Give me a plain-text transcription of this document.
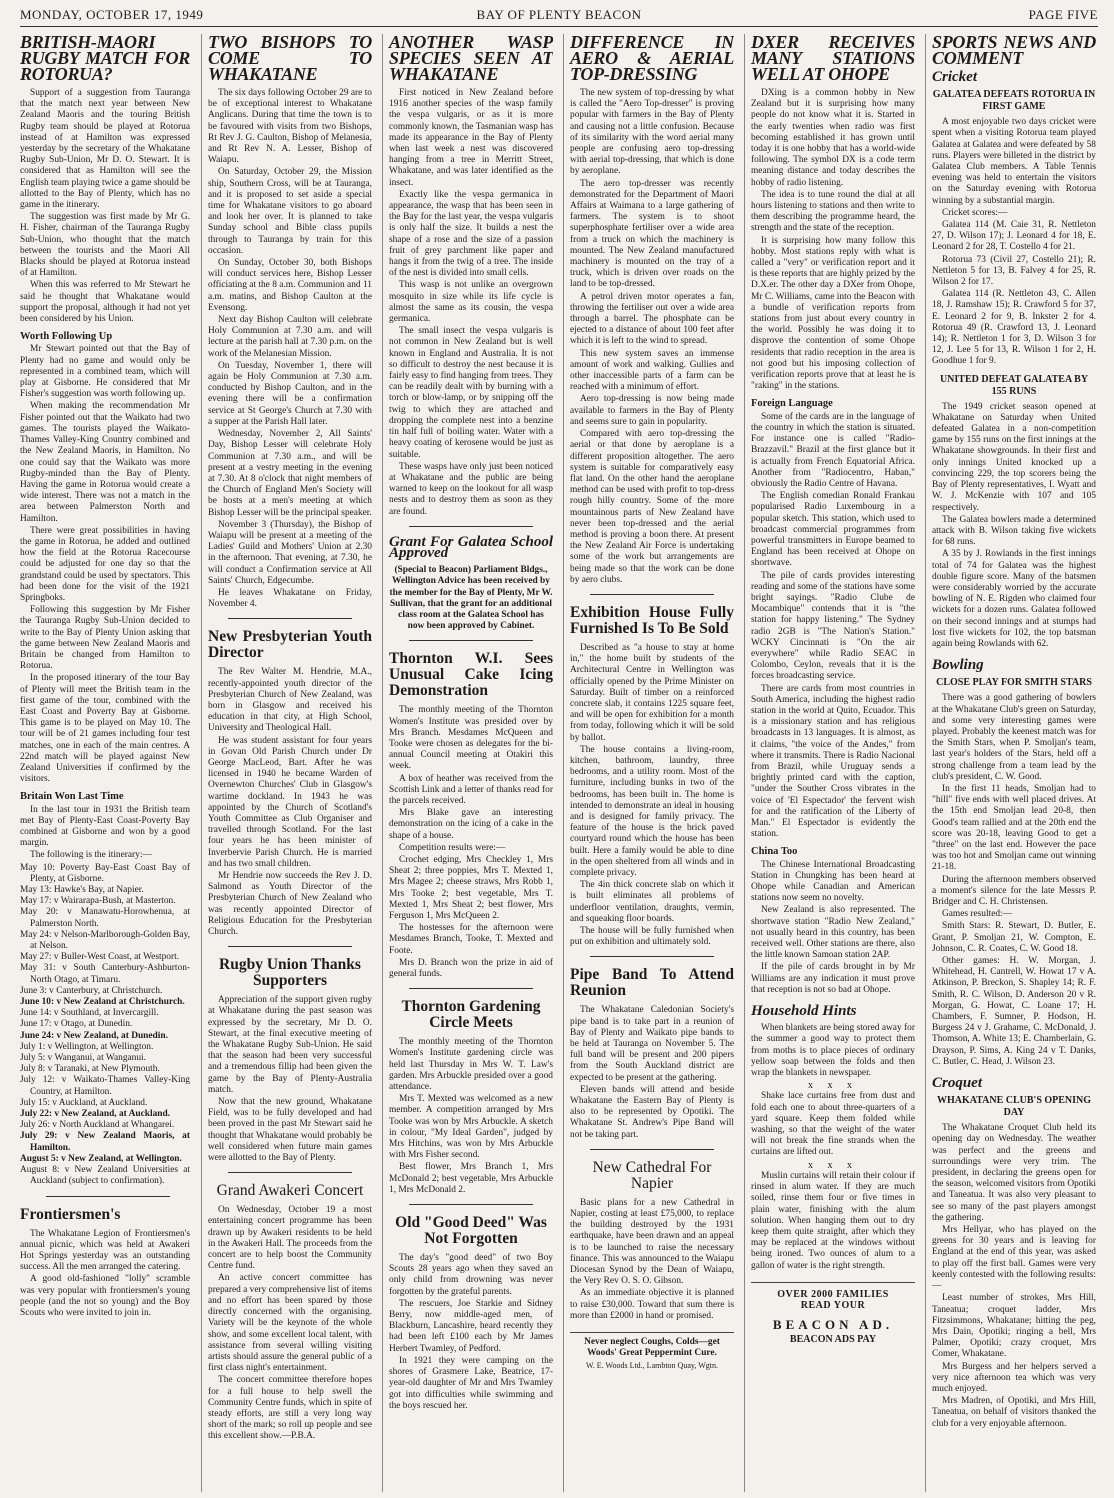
MONDAY, OCTOBER 17, 1949	BAY OF PLENTY BEACON	PAGE FIVE
BRITISH-MAORI RUGBY MATCH FOR ROTORUA?

Support of a suggestion from Tauranga that the match next year between New Zealand Maoris and the touring British Rugby team should be played at Rotorua instead of at Hamilton was expressed yesterday by the secretary of the Whakatane Rugby Sub-Union, Mr D. O. Stewart. It is considered that as Hamilton will see the English team playing twice a game should be allotted to the Bay of Plenty, which has no game in the itinerary.

The suggestion was first made by Mr G. H. Fisher, chairman of the Tauranga Rugby Sub-Union, who thought that the match between the tourists and the Maori All Blacks should be played at Rotorua instead of at Hamilton.

When this was referred to Mr Stewart he said he thought that Whakatane would support the proposal, although it had not yet been considered by his Union.

Worth Following Up

Mr Stewart pointed out that the Bay of Plenty had no game and would only be represented in a combined team, which will play at Gisborne. He considered that Mr Fisher's suggestion was worth following up.

When making the recommendation Mr Fisher pointed out that the Waikato had two games. The tourists played the Waikato-Thames Valley-King Country combined and the New Zealand Maoris, in Hamilton. No one could say that the Waikato was more Rugby-minded than the Bay of Plenty. Having the game in Rotorua would create a wide interest. There was not a match in the area between Palmerston North and Hamilton.

There were great possibilities in having the game in Rotorua, he added and outlined how the field at the Rotorua Racecourse could be adjusted for one day so that the grandstand could be used by spectators. This had been done for the visit of the 1921 Springboks.

Following this suggestion by Mr Fisher the Tauranga Rugby Sub-Union decided to write to the Bay of Plenty Union asking that the game between New Zealand Maoris and Britain be changed from Hamilton to Rotorua.

In the proposed itinerary of the tour Bay of Plenty will meet the British team in the first game of the tour, combined with the East Coast and Poverty Bay at Gisborne. This game is to be played on May 10. The tour will be of 21 games including four test matches, one in each of the main centres. A 22nd match will be played against New Zealand Universities if confirmed by the visitors.

Britain Won Last Time

In the last tour in 1931 the British team met Bay of Plenty-East Coast-Poverty Bay combined at Gisborne and won by a good margin.

The following is the itinerary:—

May 10: Poverty Bay-East Coast Bay of Plenty, at Gisborne.
May 13: Hawke's Bay, at Napier.
May 17: v Wairarapa-Bush, at Masterton.
May 20: v Manawatu-Horowhenua, at Palmerston North.
May 24: v Nelson-Marlborough-Golden Bay, at Nelson.
May 27: v Buller-West Coast, at Westport.
May 31: v South Canterbury-Ashburton-North Otago, at Timaru.
June 3: v Canterbury, at Christchurch.
June 10: v New Zealand at Christchurch.
June 14: v Southland, at Invercargill.
June 17: v Otago, at Dunedin.
June 24: v New Zealand, at Dunedin.
July 1: v Wellington, at Wellington.
July 5: v Wanganui, at Wanganui.
July 8: v Taranaki, at New Plymouth.
July 12: v Waikato-Thames Valley-King Country, at Hamilton.
July 15: v Auckland, at Auckland.
July 22: v New Zealand, at Auckland.
July 26: v North Auckland at Whangarei.
July 29: v New Zealand Maoris, at Hamilton.
August 5: v New Zealand, at Wellington.
August 8: v New Zealand Universities at Auckland (subject to confirmation).
Frontiersmen's

The Whakatane Legion of Frontiersmen's annual picnic, which was held at Awakeri Hot Springs yesterday was an outstanding success. All the men arranged the catering.

A good old-fashioned "lolly" scramble was very popular with frontiersmen's young people (and the not so young) and the Boy Scouts who were invited to join in.

TWO BISHOPS TO COME TO WHAKATANE

The six days following October 29 are to be of exceptional interest to Whakatane Anglicans. During that time the town is to be favoured with visits from two Bishops, Rt Rev J. G. Caulton, Bishop of Melanesia, and Rt Rev N. A. Lesser, Bishop of Waiapu.

On Saturday, October 29, the Mission ship, Southern Cross, will be at Tauranga, and it is proposed to set aside a special time for Whakatane visitors to go aboard and look her over. It is planned to take Sunday school and Bible class pupils through to Tauranga by train for this occasion.

On Sunday, October 30, both Bishops will conduct services here, Bishop Lesser officiating at the 8 a.m. Communion and 11 a.m. matins, and Bishop Caulton at the Evensong.

Next day Bishop Caulton will celebrate Holy Communion at 7.30 a.m. and will lecture at the parish hall at 7.30 p.m. on the work of the Melanesian Mission.

On Tuesday, November 1, there will again be Holy Communion at 7.30 a.m. conducted by Bishop Caulton, and in the evening there will be a confirmation service at St George's Church at 7.30 with a supper at the Parish Hall later.

Wednesday, November 2, All Saints' Day, Bishop Lesser will celebrate Holy Communion at 7.30 a.m., and will be present at a vestry meeting in the evening at 7.30. At 8 o'clock that night members of the Church of England Men's Society will be hosts at a men's meeting at which Bishop Lesser will be the principal speaker.

November 3 (Thursday), the Bishop of Waiapu will be present at a meeting of the Ladies' Guild and Mothers' Union at 2.30 in the afternoon. That evening, at 7.30, he will conduct a Confirmation service at All Saints' Church, Edgecumbe.

He leaves Whakatane on Friday, November 4.

New Presbyterian Youth Director

The Rev Walter M. Hendrie, M.A., recently-appointed youth director of the Presbyterian Church of New Zealand, was born in Glasgow and received his education in that city, at High School, University and Theological Hall.

He was student assistant for four years in Govan Old Parish Church under Dr George MacLeod, Bart. After he was licensed in 1940 he became Warden of Overnewton Churches' Club in Glasgow's wartime dockland. In 1943 he was appointed by the Church of Scotland's Youth Committee as Club Organiser and travelled through Scotland. For the last four years he has been minister of Inverbervie Parish Church. He is married and has two small children.

Mr Hendrie now succeeds the Rev J. D. Salmond as Youth Director of the Presbyterian Church of New Zealand who was recently appointed Director of Religious Education for the Presbyterian Church.

Rugby Union Thanks Supporters

Appreciation of the support given rugby at Whakatane during the past season was expressed by the secretary, Mr D. O. Stewart, at the final executive meeting of the Whakatane Rugby Sub-Union. He said that the season had been very successful and a tremendous fillip had been given the game by the Bay of Plenty-Australia match.

Now that the new ground, Whakatane Field, was to be fully developed and had been proved in the past Mr Stewart said he thought that Whakatane would probably be well considered when future main games were allotted to the Bay of Plenty.

Grand Awakeri Concert

On Wednesday, October 19 a most entertaining concert programme has been drawn up by Awakeri residents to be held in the Awakeri Hall. The proceeds from the concert are to help boost the Community Centre fund.

An active concert committee has prepared a very comprehensive list of items and no effort has been spared by those directly concerned with the organising. Variety will be the keynote of the whole show, and some excellent local talent, with assistance from several willing visiting artists should assure the general public of a first class night's entertainment.

The concert committee therefore hopes for a full house to help swell the Community Centre funds, which in spite of steady efforts, are still a very long way short of the mark; so roll up people and see this excellent show.—P.B.A.

ANOTHER WASP SPECIES SEEN AT WHAKATANE

First noticed in New Zealand before 1916 another species of the wasp family the vespa vulgaris, or as it is more commonly known, the Tasmanian wasp has made its appearance in the Bay of Plenty when last week a nest was discovered hanging from a tree in Merritt Street, Whakatane, and was later identified as the insect.

Exactly like the vespa germanica in appearance, the wasp that has been seen in the Bay for the last year, the vespa vulgaris is only half the size. It builds a nest the shape of a rose and the size of a passion fruit of grey parchment like paper and hangs it from the twig of a tree. The inside of the nest is divided into small cells.

This wasp is not unlike an overgrown mosquito in size while its life cycle is almost the same as its cousin, the vespa germanica.

The small insect the vespa vulgaris is not common in New Zealand but is well known in England and Australia. It is not so difficult to destroy the nest because it is fairly easy to find hanging from trees. They can be readily dealt with by burning with a torch or blow-lamp, or by snipping off the twig to which they are attached and dropping the complete nest into a benzine tin half full of boiling water. Water with a heavy coating of kerosene would be just as suitable.

These wasps have only just been noticed at Whakatane and the public are being warned to keep on the lookout for all wasp nests and to destroy them as soon as they are found.

Grant For Galatea School Approved

(Special to Beacon) Parliament Bldgs., Wellington Advice has been received by the member for the Bay of Plenty, Mr W. Sullivan, that the grant for an additional class room at the Galatea School has now been approved by Cabinet.

Thornton W.I. Sees Unusual Cake Icing Demonstration

The monthly meeting of the Thornton Women's Institute was presided over by Mrs Branch. Mesdames McQueen and Tooke were chosen as delegates for the bi-annual Council meeting at Otakiri this week.

A box of heather was received from the Scottish Link and a letter of thanks read for the parcels received.

Mrs Blake gave an interesting demonstration on the icing of a cake in the shape of a house.

Competition results were:—

Crochet edging, Mrs Checkley 1, Mrs Sheat 2; three poppies, Mrs T. Mexted 1, Mrs Magee 2; cheese straws, Mrs Robb 1, Mrs Tooke 2; best vegetable, Mrs T. Mexted 1, Mrs Sheat 2; best flower, Mrs Ferguson 1, Mrs McQueen 2.

The hostesses for the afternoon were Mesdames Branch, Tooke, T. Mexted and Foote.

Mrs D. Branch won the prize in aid of general funds.

Thornton Gardening Circle Meets

The monthly meeting of the Thornton Women's Institute gardening circle was held last Thursday in Mrs W. T. Law's garden. Mrs Arbuckle presided over a good attendance.

Mrs T. Mexted was welcomed as a new member. A competition arranged by Mrs Tooke was won by Mrs Arbuckle. A sketch in colour, "My Ideal Garden", judged by Mrs Hitchins, was won by Mrs Arbuckle with Mrs Fisher second.

Best flower, Mrs Branch 1, Mrs McDonald 2; best vegetable, Mrs Arbuckle 1, Mrs McDonald 2.

Old "Good Deed" Was Not Forgotten

The day's "good deed" of two Boy Scouts 28 years ago when they saved an only child from drowning was never forgotten by the grateful parents.

The rescuers, Joe Starkie and Sidney Berry, now middle-aged men, of Blackburn, Lancashire, heard recently they had been left £100 each by Mr James Herbert Twamley, of Pedford.

In 1921 they were camping on the shores of Grasmere Lake, Beatrice, 17-year-old daughter of Mr and Mrs Twamley got into difficulties while swimming and the boys rescued her.

DIFFERENCE IN AERO & AERIAL TOP-DRESSING

The new system of top-dressing by what is called the "Aero Top-dresser" is proving popular with farmers in the Bay of Plenty and causing not a little confusion. Because of its similarity with the word aerial many people are confusing aero top-dressing with aerial top-dressing, that which is done by aeroplane.

The aero top-dresser was recently demonstrated for the Department of Maori Affairs at Waimana to a large gathering of farmers. The system is to shoot superphosphate fertiliser over a wide area from a truck on which the machinery is mounted. The New Zealand manufactured machinery is mounted on the tray of a truck, which is driven over roads on the land to be top-dressed.

A petrol driven motor operates a fan, throwing the fertiliser out over a wide area through a barrel. The phosphate can be ejected to a distance of about 100 feet after which it is left to the wind to spread.

This new system saves an immense amount of work and walking. Gullies and other inaccessible parts of a farm can be reached with a minimum of effort.

Aero top-dressing is now being made available to farmers in the Bay of Plenty and seems sure to gain in popularity.

Compared with aero top-dressing the aerial or that done by aeroplane is a different proposition altogether. The aero system is suitable for comparatively easy flat land. On the other hand the aeroplane method can be used with profit to top-dress rough hilly country. Some of the more mountainous parts of New Zealand have never been top-dressed and the aerial method is proving a boon there. At present the New Zealand Air Force is undertaking some of the work but arrangements are being made so that the work can be done by aero clubs.

Exhibition House Fully Furnished Is To Be Sold

Described as "a house to stay at home in," the home built by students of the Architectural Centre in Wellington was officially opened by the Prime Minister on Saturday. Built of timber on a reinforced concrete slab, it contains 1225 square feet, and will be open for exhibition for a month from today, following which it will be sold by ballot.

The house contains a living-room, kitchen, bathroom, laundry, three bedrooms, and a utility room. Most of the furniture, including bunks in two of the bedrooms, has been built in. The home is intended to demonstrate an ideal in housing and is designed for family privacy. The feature of the house is the brick paved courtyard round which the house has been built. Here a family would be able to dine in the open sheltered from all winds and in complete privacy.

The 4in thick concrete slab on which it is built eliminates all problems of underfloor ventilation, draughts, vermin, and squeaking floor boards.

The house will be fully furnished when put on exhibition and ultimately sold.

Pipe Band To Attend Reunion

The Whakatane Caledonian Society's pipe band is to take part in a reunion of Bay of Plenty and Waikato pipe bands to be held at Tauranga on November 5. The full band will be present and 200 pipers from the South Auckland district are expected to be present at the gathering.

Eleven bands will attend and beside Whakatane the Eastern Bay of Plenty is also to be represented by Opotiki. The Whakatane St. Andrew's Pipe Band will not be taking part.

New Cathedral For Napier

Basic plans for a new Cathedral in Napier, costing at least £75,000, to replace the building destroyed by the 1931 earthquake, have been drawn and an appeal is to be launched to raise the necessary finance. This was announced to the Waiapu Diocesan Synod by the Dean of Waiapu, the Very Rev O. S. O. Gibson.

As an immediate objective it is planned to raise £30,000. Toward that sum there is more than £2000 in hand or promised.

Never neglect Coughs, Colds—get Woods' Great Peppermint Cure.
W. E. Woods Ltd., Lambton Quay, Wgtn.
DXER RECEIVES MANY STATIONS WELL AT OHOPE

DXing is a common hobby in New Zealand but it is surprising how many people do not know what it is. Started in the early twenties when radio was first becoming established it has grown until today it is one hobby that has a world-wide following. The symbol DX is a code term meaning distance and today describes the hobby of radio listening.

The idea is to tune round the dial at all hours listening to stations and then write to them describing the programme heard, the strength and the state of the reception.

It is surprising how many follow this hobby. Most stations reply with what is called a "very" or verification report and it is these reports that are highly prized by the D.X.er. The other day a DXer from Ohope, Mr C. Williams, came into the Beacon with a bundle of verification reports from stations from just about every country in the world. Possibly he was doing it to disprove the contention of some Ohope residents that radio reception in the area is not good but his imposing collection of verification reports prove that at least he is "raking" in the stations.

Foreign Language

Some of the cards are in the language of the country in which the station is situated. For instance one is called "Radio-Brazzavil." Brazil at the first glance but it is actually from French Equatorial Africa. Another from "Radiocentro, Haban," obviously the Radio Centre of Havana.

The English comedian Ronald Frankau popularised Radio Luxembourg in a popular sketch. This station, which used to broadcast commercial programmes from powerful transmitters in Europe beamed to England has been received at Ohope on shortwave.

The pile of cards provides interesting reading and some of the stations have some bright sayings. "Radio Clube de Mocambique" contends that it is "the station for happy listening." The Sydney radio 2GB is "The Nation's Station." WCKY Cincinnati is "On the air everywhere" while Radio SEAC in Colombo, Ceylon, reveals that it is the forces broadcasting service.

There are cards from most countries in South America, including the highest radio station in the world at Quito, Ecuador. This is a missionary station and has religious broadcasts in 13 languages. It is almost, as it claims, "the voice of the Andes," from where it transmits. There is Radio Nacional from Brazil, while Uruguay sends a brightly printed card with the caption, "under the Souther Cross vibrates in the voice of 'El Espectador' the fervent wish for and the ratification of the Liberty of Man." El Espectador is evidently the station.

China Too

The Chinese International Broadcasting Station in Chungking has been heard at Ohope while Canadian and American stations now seem no novelty.

New Zealand is also represented. The shortwave station "Radio New Zealand," not usually heard in this country, has been received well. Other stations are there, also the little known Samoan station 2AP.

If the pile of cards brought in by Mr Williams are any indication it must prove that reception is not so bad at Ohope.

Household Hints

When blankets are being stored away for the summer a good way to protect them from moths is to place pieces of ordinary yellow soap between the folds and then wrap the blankets in newspaper.

x x x

Shake lace curtains free from dust and fold each one to about three-quarters of a yard square. Keep them folded while washing, so that the weight of the water will not break the fine strands when the curtains are lifted out.

x x x

Muslin curtains will retain their colour if rinsed in alum water. If they are much soiled, rinse them four or five times in plain water, finishing with the alum solution. When hanging them out to dry keep them quite straight, after which they may be replaced at the windows without being ironed. Two ounces of alum to a gallon of water is the right strength.

OVER 2000 FAMILIES
READ YOUR
BEACON AD.
BEACON ADS PAY
SPORTS NEWS AND COMMENT
Cricket
GALATEA DEFEATS ROTORUA IN FIRST GAME

A most enjoyable two days cricket were spent when a visiting Rotorua team played Galatea at Galatea and were defeated by 58 runs. Players were billeted in the district by Galatea Club members. A Table Tennis evening was held to entertain the visitors on the Saturday evening with Rotorua winning by a substantial margin.

Cricket scores:—

Galatea 114 (M. Caie 31, R. Nettleton 27, D. Wilson 17); J. Leonard 4 for 18, E. Leonard 2 for 28, T. Costello 4 for 21.

Rotorua 73 (Civil 27, Costello 21); R. Nettleton 5 for 13, B. Falvey 4 for 25, R. Wilson 2 for 17.

Galatea 114 (R. Nettleton 43, C. Allen 18, J. Ramshaw 15); R. Crawford 5 for 37, E. Leonard 2 for 9, B. Inkster 2 for 4. Rotorua 49 (R. Crawford 13, J. Leonard 14); R. Nettleton 1 for 3, D. Wilson 3 for 12, J. Lee 5 for 13, R. Wilson 1 for 2, H. Goodhue 1 for 9.

UNITED DEFEAT GALATEA BY 155 RUNS

The 1949 cricket season opened at Whakatane on Saturday when United defeated Galatea in a non-competition game by 155 runs on the first innings at the Whakatane showgrounds. In their first and only innings United knocked up a convincing 229, the top scorers being the Bay of Plenty representatives, I. Wyatt and W. J. McKenzie with 107 and 105 respectively.

The Galatea bowlers made a determined attack with B. Wilson taking five wickets for 68 runs.

A 35 by J. Rowlands in the first innings total of 74 for Galatea was the highest double figure score. Many of the batsmen were considerably worried by the accurate bowling of N. E. Rigden who claimed four wickets for a dozen runs. Galatea followed on their second innings and at stumps had lost five wickets for 102, the top batsman again being Rowlands with 62.

Bowling
CLOSE PLAY FOR SMITH STARS

There was a good gathering of bowlers at the Whakatane Club's green on Saturday, and some very interesting games were played. Probably the keenest match was for the Smith Stars, when P. Smoljan's team, last year's holders of the Stars, held off a strong challenge from a team lead by the club's president, C. W. Good.

In the first 11 heads, Smoljan had to "hill" five ends with well placed drives. At the 15th end Smoljan lead 20-8, then Good's team rallied and at the 20th end the score was 20-18, leaving Good to get a "three" on the last end. However the pace was too hot and Smoljan came out winning 21-18.

During the afternoon members observed a moment's silence for the late Messrs P. Bridger and C. H. Christensen.

Games resulted:—

Smith Stars: R. Stewart, D. Butler, E. Grant, P. Smoljan 21, W. Compton, E. Johnson, C. R. Coates, C. W. Good 18.

Other games: H. W. Morgan, J. Whitehead, H. Cantrell, W. Howat 17 v A. Atkinson, P. Breckon, S. Shapley 14; R. F. Smith, R. C. Wilson, D. Anderson 20 v R. Morgan, G. Howat, C. Loane 17; H. Chambers, F. Sumner, P. Hodson, H. Burgess 24 v J. Grahame, C. McDonald, J. Thomson, A. White 13; E. Chamberlain, G. Drayson, P. Sims, A. King 24 v T. Danks, C. Butler, C. Head, J. Wilson 23.

Croquet
WHAKATANE CLUB'S OPENING DAY

The Whakatane Croquet Club held its opening day on Wednesday. The weather was perfect and the greens and surroundings were very trim. The president, in declaring the greens open for the season, welcomed visitors from Opotiki and Taneatua. It was also very pleasant to see so many of the past players amongst the gathering.

Mrs Hellyar, who has played on the greens for 30 years and is leaving for England at the end of this year, was asked to play off the first ball. Games were very keenly contested with the following results:—

Least number of strokes, Mrs Hill, Taneatua; croquet ladder, Mrs Fitzsimmons, Whakatane; hitting the peg, Mrs Dain, Opotiki; ringing a bell, Mrs Palmer, Opotiki; crazy croquet, Mrs Comer, Whakatane.

Mrs Burgess and her helpers served a very nice afternoon tea which was very much enjoyed.

Mrs Madren, of Opotiki, and Mrs Hill, Taneatua, on behalf of visitors thanked the club for a very enjoyable afternoon.
